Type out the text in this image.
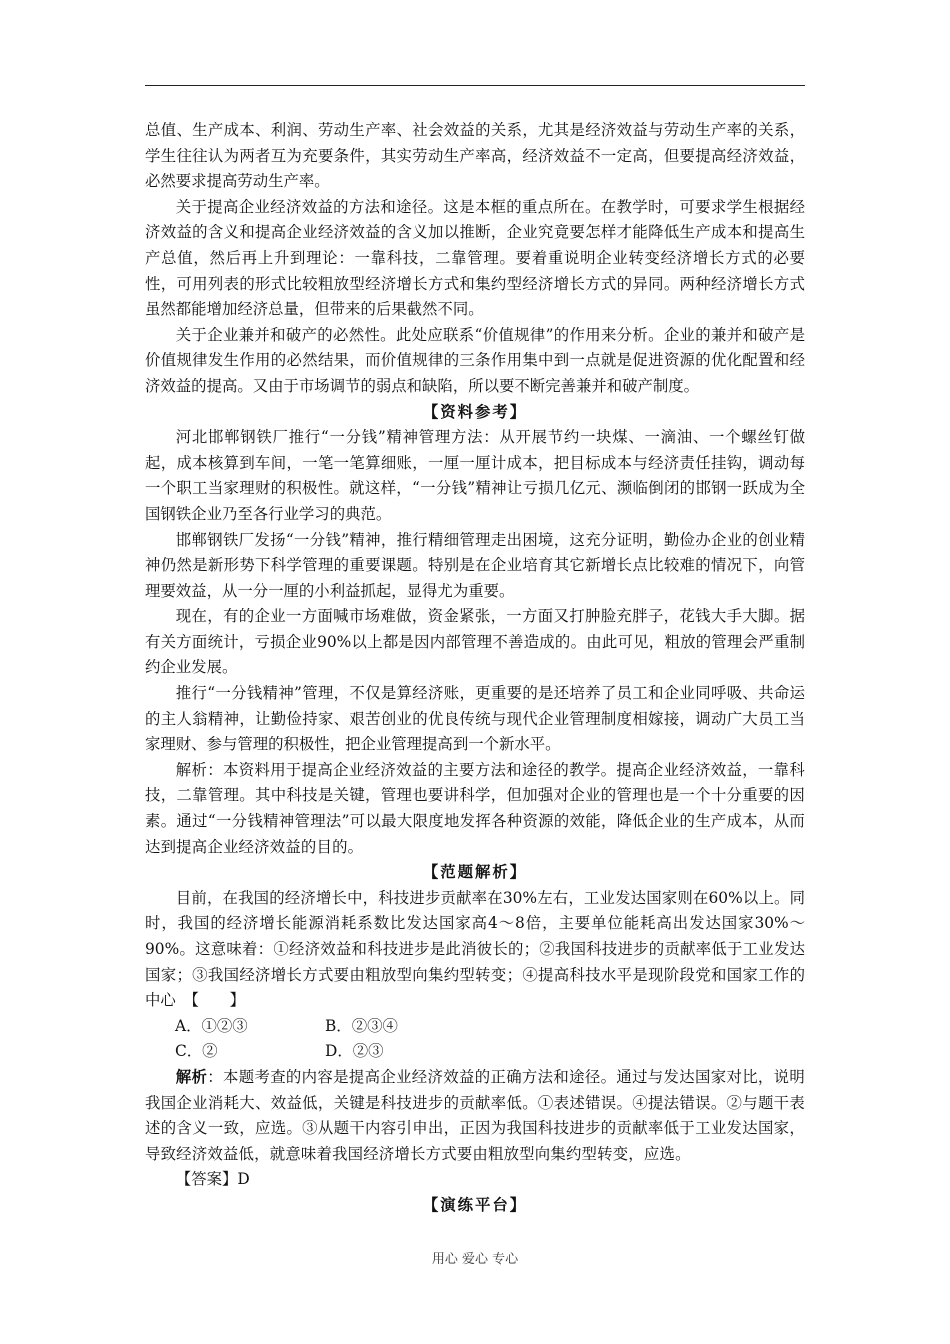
总值、生产成本、利润、劳动生产率、社会效益的关系，尤其是经济效益与劳动生产率的关系，学生往往认为两者互为充要条件，其实劳动生产率高，经济效益不一定高，但要提高经济效益，必然要求提高劳动生产率。

关于提高企业经济效益的方法和途径。这是本框的重点所在。在教学时，可要求学生根据经济效益的含义和提高企业经济效益的含义加以推断，企业究竟要怎样才能降低生产成本和提高生产总值，然后再上升到理论：一靠科技，二靠管理。要着重说明企业转变经济增长方式的必要性，可用列表的形式比较粗放型经济增长方式和集约型经济增长方式的异同。两种经济增长方式虽然都能增加经济总量，但带来的后果截然不同。

关于企业兼并和破产的必然性。此处应联系“价值规律”的作用来分析。企业的兼并和破产是价值规律发生作用的必然结果，而价值规律的三条作用集中到一点就是促进资源的优化配置和经济效益的提高。又由于市场调节的弱点和缺陷，所以要不断完善兼并和破产制度。

【资料参考】

河北邯郸钢铁厂推行“一分钱”精神管理方法：从开展节约一块煤、一滴油、一个螺丝钉做起，成本核算到车间，一笔一笔算细账，一厘一厘计成本，把目标成本与经济责任挂钩，调动每一个职工当家理财的积极性。就这样，“一分钱”精神让亏损几亿元、濒临倒闭的邯钢一跃成为全国钢铁企业乃至各行业学习的典范。

邯郸钢铁厂发扬“一分钱”精神，推行精细管理走出困境，这充分证明，勤俭办企业的创业精神仍然是新形势下科学管理的重要课题。特别是在企业培育其它新增长点比较难的情况下，向管理要效益，从一分一厘的小利益抓起，显得尤为重要。

现在，有的企业一方面喊市场难做，资金紧张，一方面又打肿脸充胖子，花钱大手大脚。据有关方面统计，亏损企业90%以上都是因内部管理不善造成的。由此可见，粗放的管理会严重制约企业发展。

推行“一分钱精神”管理，不仅是算经济账，更重要的是还培养了员工和企业同呼吸、共命运的主人翁精神，让勤俭持家、艰苦创业的优良传统与现代企业管理制度相嫁接，调动广大员工当家理财、参与管理的积极性，把企业管理提高到一个新水平。

解析：本资料用于提高企业经济效益的主要方法和途径的教学。提高企业经济效益，一靠科技，二靠管理。其中科技是关键，管理也要讲科学，但加强对企业的管理也是一个十分重要的因素。通过“一分钱精神管理法”可以最大限度地发挥各种资源的效能，降低企业的生产成本，从而达到提高企业经济效益的目的。

【范题解析】

目前，在我国的经济增长中，科技进步贡献率在30%左右，工业发达国家则在60%以上。同时，我国的经济增长能源消耗系数比发达国家高4～8倍，主要单位能耗高出发达国家30%～90%。这意味着：①经济效益和科技进步是此消彼长的；②我国科技进步的贡献率低于工业发达国家；③我国经济增长方式要由粗放型向集约型转变；④提高科技水平是现阶段党和国家工作的中心　【　　】

A．①②③	B．②③④
C．②	D．②③

解析：本题考查的内容是提高企业经济效益的正确方法和途径。通过与发达国家对比，说明我国企业消耗大、效益低，关键是科技进步的贡献率低。①表述错误。④提法错误。②与题干表述的含义一致，应选。③从题干内容引申出，正因为我国科技进步的贡献率低于工业发达国家，导致经济效益低，就意味着我国经济增长方式要由粗放型向集约型转变，应选。

【答案】D

【演练平台】

用心 爱心 专心
